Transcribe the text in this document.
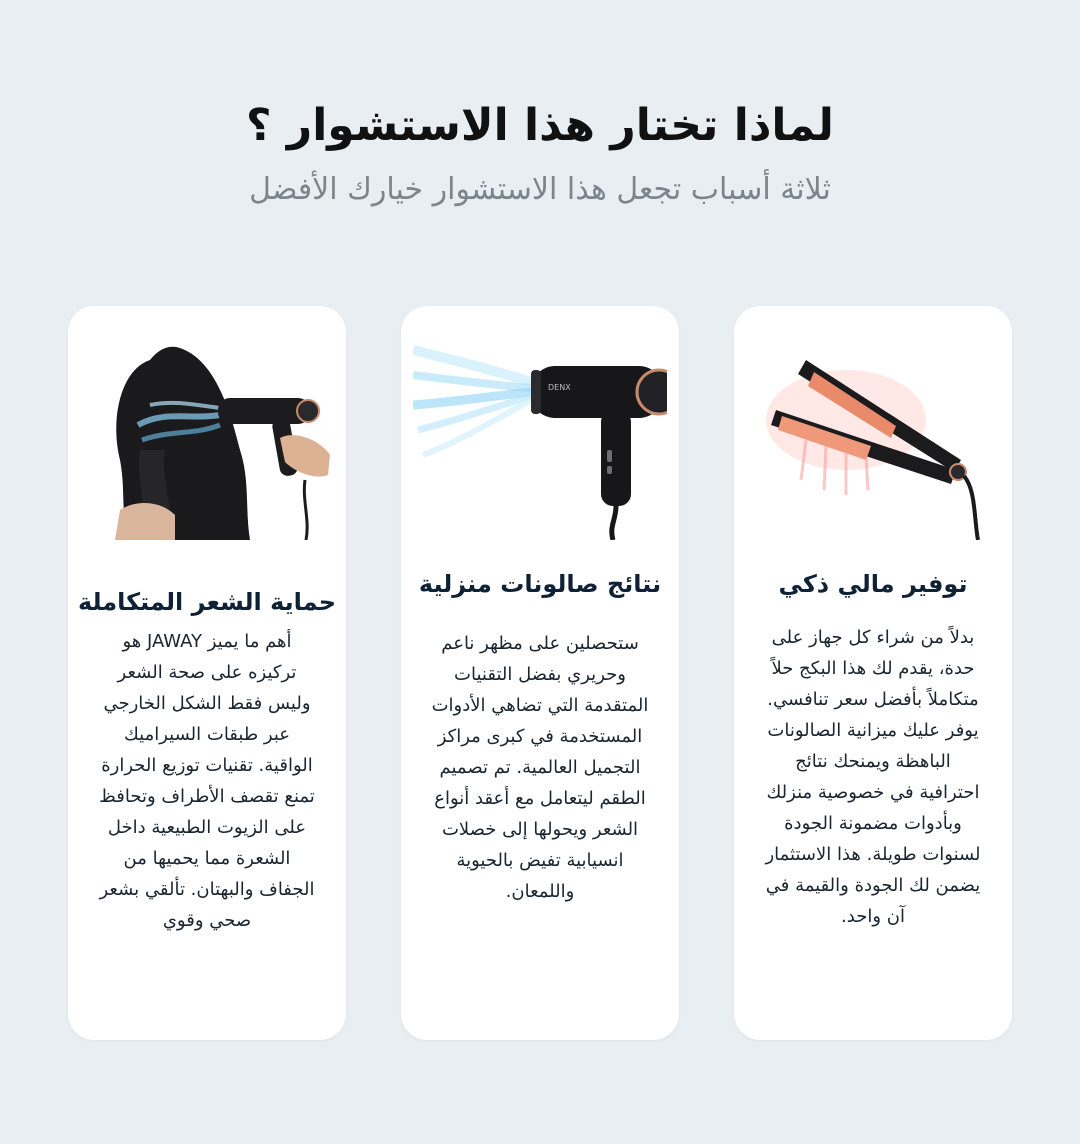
لماذا تختار هذا الاستشوار ؟
ثلاثة أسباب تجعل هذا الاستشوار خيارك الأفضل
حماية الشعر المتكاملة
أهم ما يميز JAWAY هو تركيزه على صحة الشعر وليس فقط الشكل الخارجي عبر طبقات السيراميك الواقية. تقنيات توزيع الحرارة تمنع تقصف الأطراف وتحافظ على الزيوت الطبيعية داخل الشعرة مما يحميها من الجفاف والبهتان. تألقي بشعر صحي وقوي
DENX
نتائج صالونات منزلية
ستحصلين على مظهر ناعم وحريري بفضل التقنيات المتقدمة التي تضاهي الأدوات المستخدمة في كبرى مراكز التجميل العالمية. تم تصميم الطقم ليتعامل مع أعقد أنواع الشعر ويحولها إلى خصلات انسيابية تفيض بالحيوية واللمعان.
توفير مالي ذكي
بدلاً من شراء كل جهاز على حدة، يقدم لك هذا البكج حلاً متكاملاً بأفضل سعر تنافسي. يوفر عليك ميزانية الصالونات الباهظة ويمنحك نتائج احترافية في خصوصية منزلك وبأدوات مضمونة الجودة لسنوات طويلة. هذا الاستثمار يضمن لك الجودة والقيمة في آن واحد.
